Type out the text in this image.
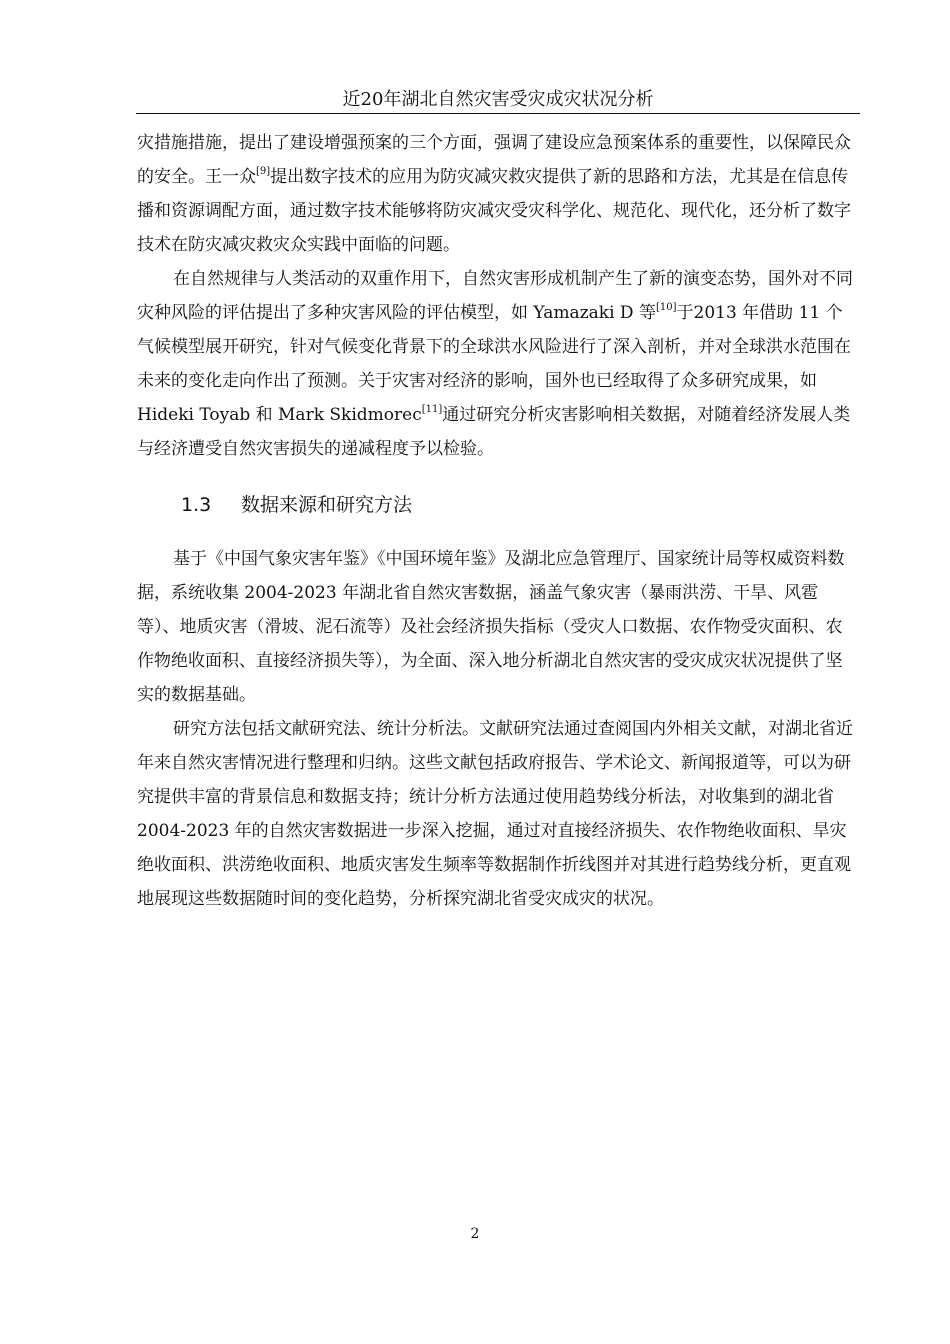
近20年湖北自然灾害受灾成灾状况分析

灾措施措施，提出了建设增强预案的三个方面，强调了建设应急预案体系的重要性，以保障民众的安全。王一众[9]提出数字技术的应用为防灾减灾救灾提供了新的思路和方法，尤其是在信息传播和资源调配方面，通过数字技术能够将防灾减灾受灾科学化、规范化、现代化，还分析了数字技术在防灾减灾救灾众实践中面临的问题。

在自然规律与人类活动的双重作用下，自然灾害形成机制产生了新的演变态势，国外对不同灾种风险的评估提出了多种灾害风险的评估模型，如 Yamazaki D 等[10]于2013 年借助 11 个气候模型展开研究，针对气候变化背景下的全球洪水风险进行了深入剖析，并对全球洪水范围在未来的变化走向作出了预测。关于灾害对经济的影响，国外也已经取得了众多研究成果，如 Hideki Toyab 和 Mark Skidmorec[11]通过研究分析灾害影响相关数据，对随着经济发展人类与经济遭受自然灾害损失的递减程度予以检验。

1.3 数据来源和研究方法

基于《中国气象灾害年鉴》《中国环境年鉴》及湖北应急管理厅、国家统计局等权威资料数据，系统收集 2004-2023 年湖北省自然灾害数据，涵盖气象灾害（暴雨洪涝、干旱、风雹等）、地质灾害（滑坡、泥石流等）及社会经济损失指标（受灾人口数据、农作物受灾面积、农作物绝收面积、直接经济损失等），为全面、深入地分析湖北自然灾害的受灾成灾状况提供了坚实的数据基础。

研究方法包括文献研究法、统计分析法。文献研究法通过查阅国内外相关文献，对湖北省近年来自然灾害情况进行整理和归纳。这些文献包括政府报告、学术论文、新闻报道等，可以为研究提供丰富的背景信息和数据支持；统计分析方法通过使用趋势线分析法，对收集到的湖北省 2004-2023 年的自然灾害数据进一步深入挖掘，通过对直接经济损失、农作物绝收面积、旱灾绝收面积、洪涝绝收面积、地质灾害发生频率等数据制作折线图并对其进行趋势线分析，更直观地展现这些数据随时间的变化趋势，分析探究湖北省受灾成灾的状况。

2
